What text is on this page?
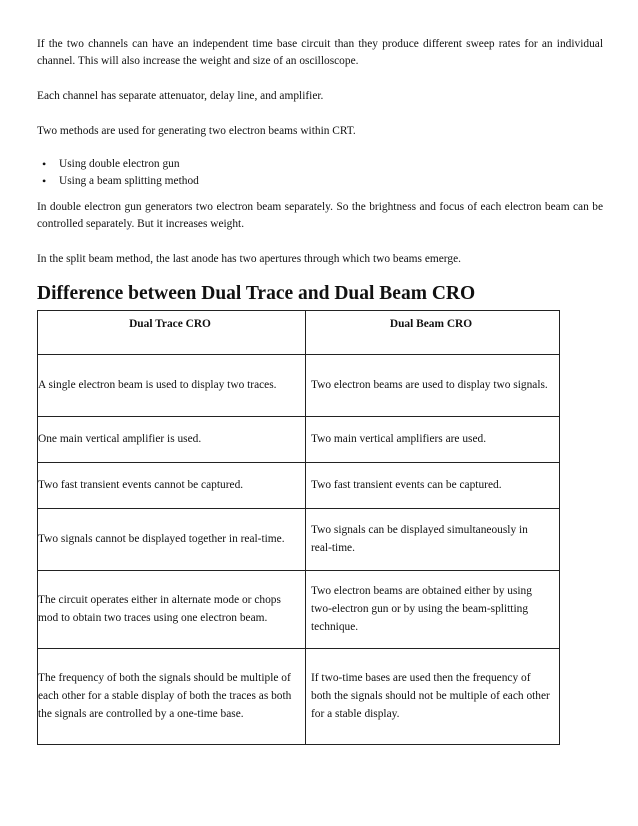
If the two channels can have an independent time base circuit than they produce different sweep rates for an individual channel. This will also increase the weight and size of an oscilloscope.

Each channel has separate attenuator, delay line, and amplifier.

Two methods are used for generating two electron beams within CRT.

• Using double electron gun
• Using a beam splitting method

In double electron gun generators two electron beam separately. So the brightness and focus of each electron beam can be controlled separately. But it increases weight.

In the split beam method, the last anode has two apertures through which two beams emerge.

Difference between Dual Trace and Dual Beam CRO
Dual Trace CRO	Dual Beam CRO
A single electron beam is used to display two traces.	Two electron beams are used to display two signals.
One main vertical amplifier is used.	Two main vertical amplifiers are used.
Two fast transient events cannot be captured.	Two fast transient events can be captured.
Two signals cannot be displayed together in real-time.	Two signals can be displayed simultaneously in real-time.
The circuit operates either in alternate mode or chops mod to obtain two traces using one electron beam.	Two electron beams are obtained either by using two-electron gun or by using the beam-splitting technique.
The frequency of both the signals should be multiple of each other for a stable display of both the traces as both the signals are controlled by a one-time base.	If two-time bases are used then the frequency of both the signals should not be multiple of each other for a stable display.
